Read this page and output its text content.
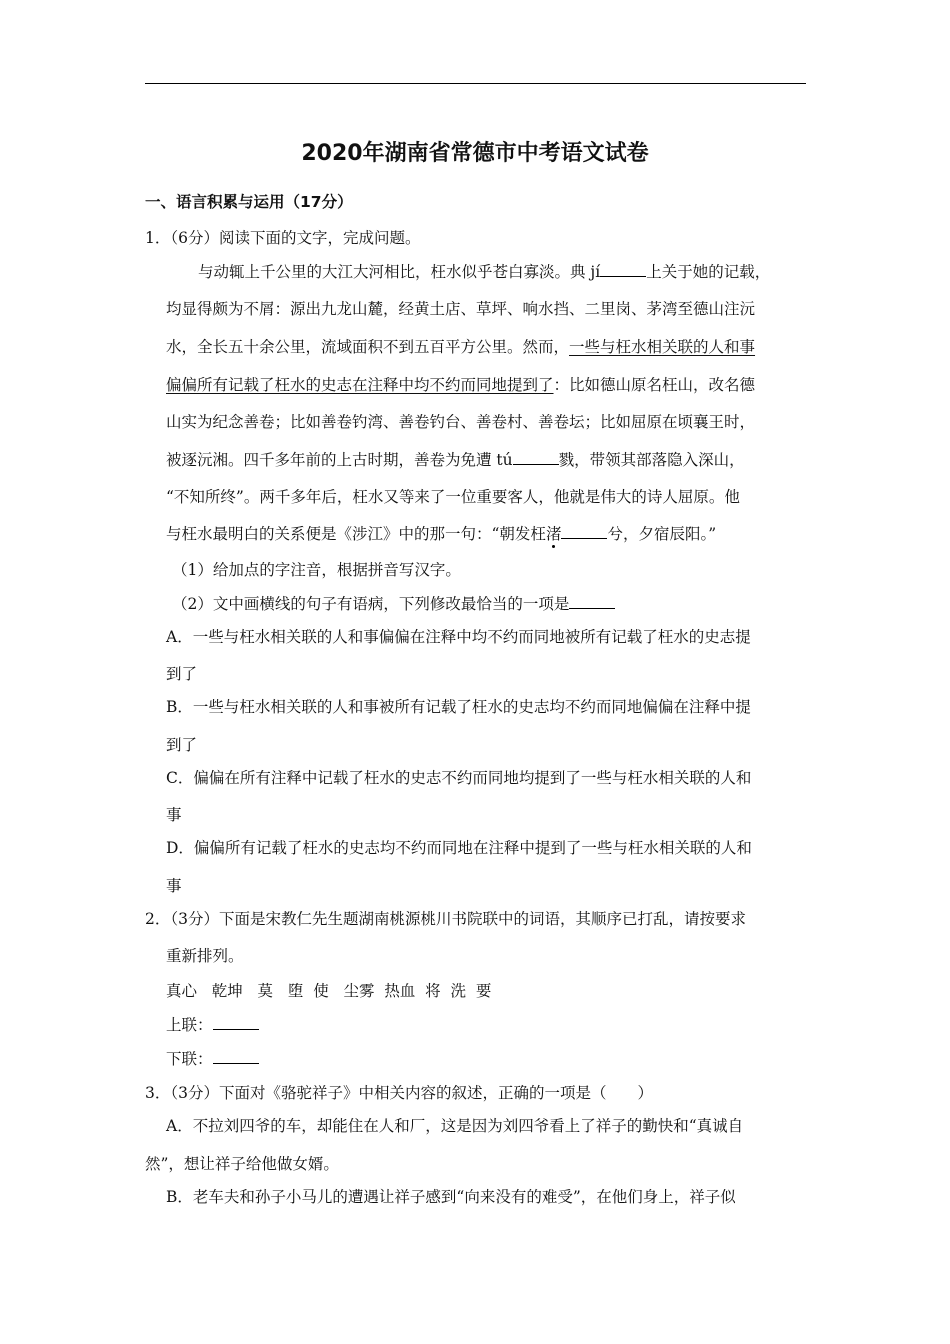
2020年湖南省常德市中考语文试卷
一、语言积累与运用（17分）
1．（6分）阅读下面的文字，完成问题。
与动辄上千公里的大江大河相比，枉水似乎苍白寡淡。典 jí	上关于她的记载，
均显得颇为不屑：源出九龙山麓，经黄土店、草坪、响水挡、二里岗、茅湾至德山注沅
水，全长五十余公里，流域面积不到五百平方公里。然而，一些与枉水相关联的人和事
偏偏所有记载了枉水的史志在注释中均不约而同地提到了：比如德山原名枉山，改名德
山实为纪念善卷；比如善卷钓湾、善卷钓台、善卷村、善卷坛；比如屈原在顷襄王时，
被逐沅湘。四千多年前的上古时期，善卷为免遭 tú	戮，带领其部落隐入深山，
“不知所终”。两千多年后，枉水又等来了一位重要客人，他就是伟大的诗人屈原。他
与枉水最明白的关系便是《涉江》中的那一句：“朝发枉渚	兮，夕宿辰阳。”
（1）给加点的字注音，根据拼音写汉字。
（2）文中画横线的句子有语病，下列修改最恰当的一项是
A．一些与枉水相关联的人和事偏偏在注释中均不约而同地被所有记载了枉水的史志提
到了
B．一些与枉水相关联的人和事被所有记载了枉水的史志均不约而同地偏偏在注释中提
到了
C．偏偏在所有注释中记载了枉水的史志不约而同地均提到了一些与枉水相关联的人和
事
D．偏偏所有记载了枉水的史志均不约而同地在注释中提到了一些与枉水相关联的人和
事
2．（3分）下面是宋教仁先生题湖南桃源桃川书院联中的词语，其顺序已打乱，请按要求
重新排列。
真心   乾坤   莫   堕  使   尘雾  热血  将  洗  要
上联：
下联：
3．（3分）下面对《骆驼祥子》中相关内容的叙述，正确的一项是（　　）
A．不拉刘四爷的车，却能住在人和厂，这是因为刘四爷看上了祥子的勤快和“真诚自
然”，想让祥子给他做女婿。
B．老车夫和孙子小马儿的遭遇让祥子感到“向来没有的难受”，在他们身上，祥子似
